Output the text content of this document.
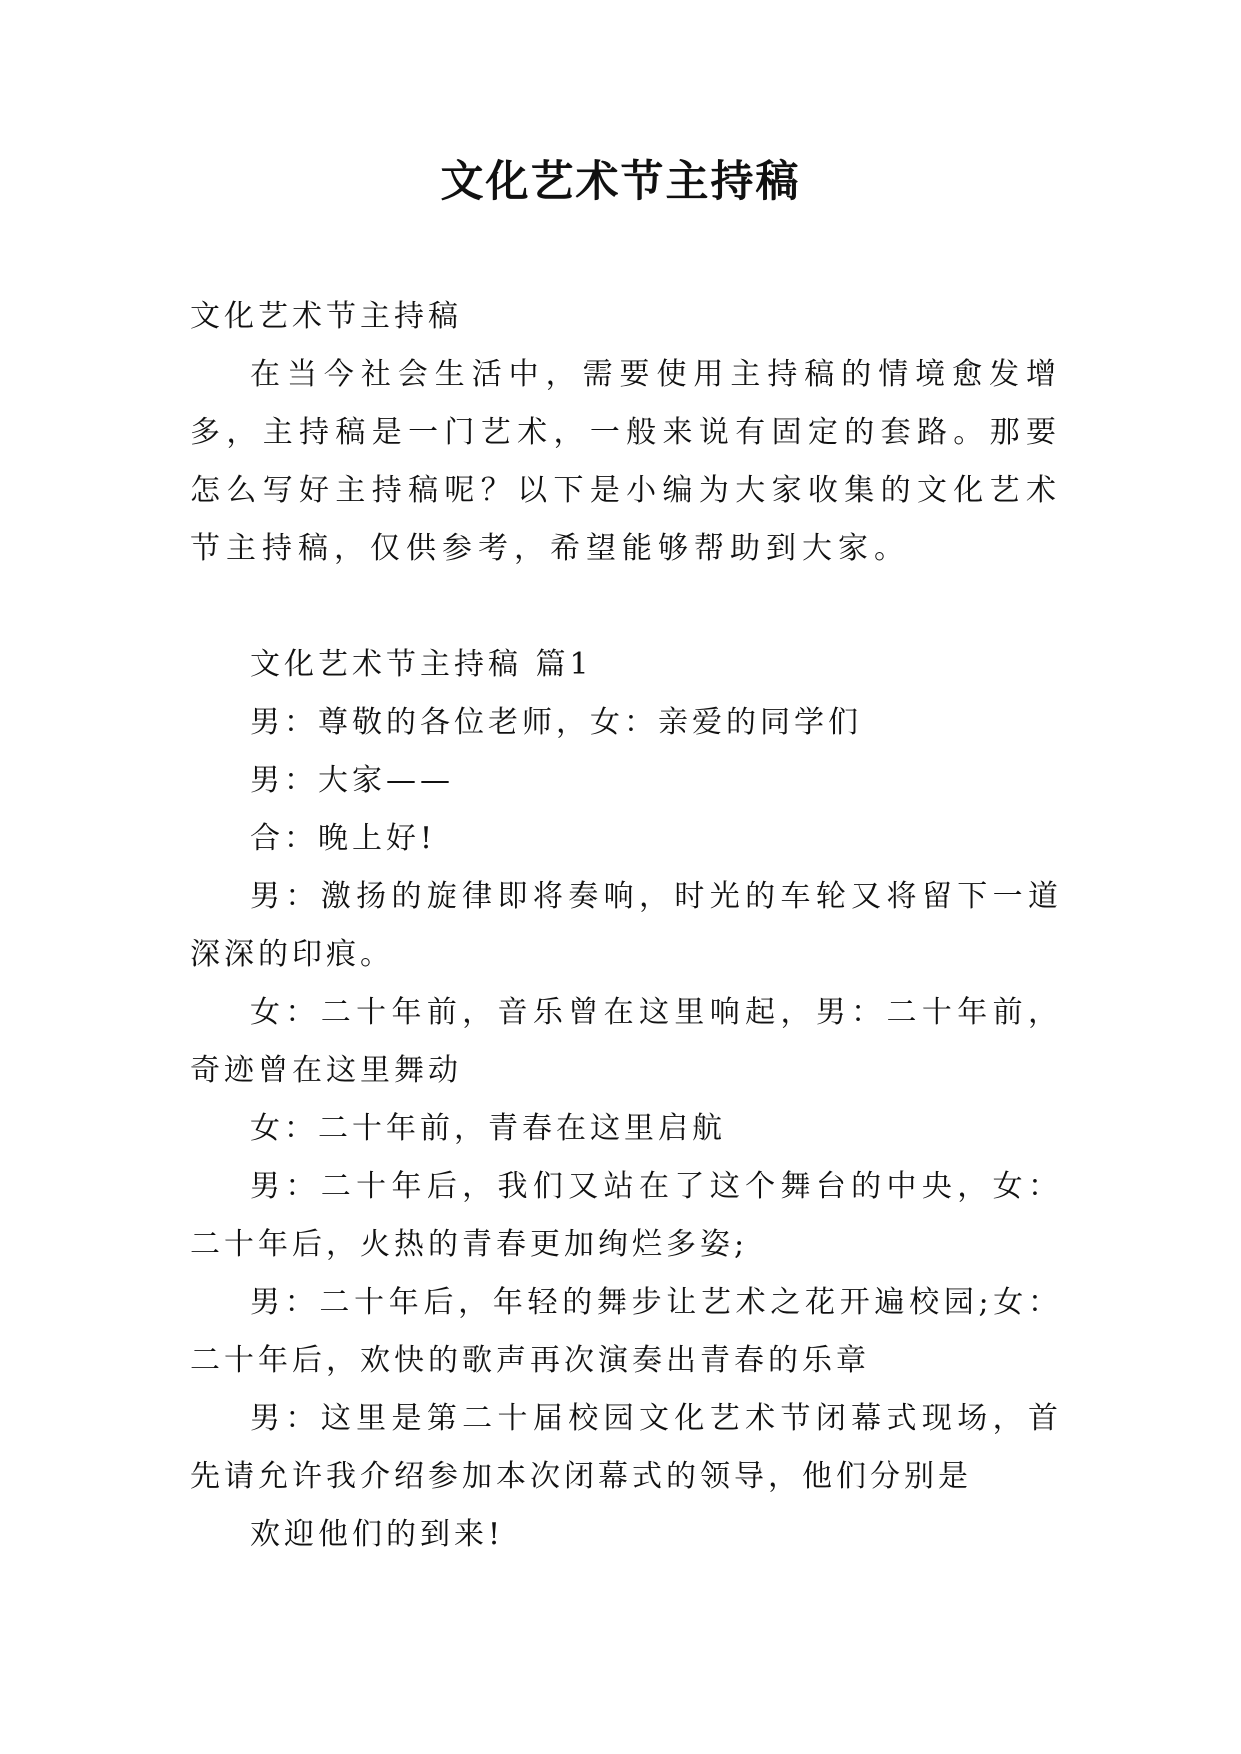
文化艺术节主持稿

文化艺术节主持稿

在当今社会生活中，需要使用主持稿的情境愈发增多，主持稿是一门艺术，一般来说有固定的套路。那要怎么写好主持稿呢？以下是小编为大家收集的文化艺术节主持稿，仅供参考，希望能够帮助到大家。

文化艺术节主持稿 篇1

男：尊敬的各位老师，女：亲爱的同学们

男：大家——

合：晚上好!

男：激扬的旋律即将奏响，时光的车轮又将留下一道深深的印痕。

女：二十年前，音乐曾在这里响起，男：二十年前，奇迹曾在这里舞动

女：二十年前，青春在这里启航

男：二十年后，我们又站在了这个舞台的中央，女：二十年后，火热的青春更加绚烂多姿;

男：二十年后，年轻的舞步让艺术之花开遍校园;女：二十年后，欢快的歌声再次演奏出青春的乐章

男：这里是第二十届校园文化艺术节闭幕式现场，首先请允许我介绍参加本次闭幕式的领导，他们分别是

欢迎他们的到来!
